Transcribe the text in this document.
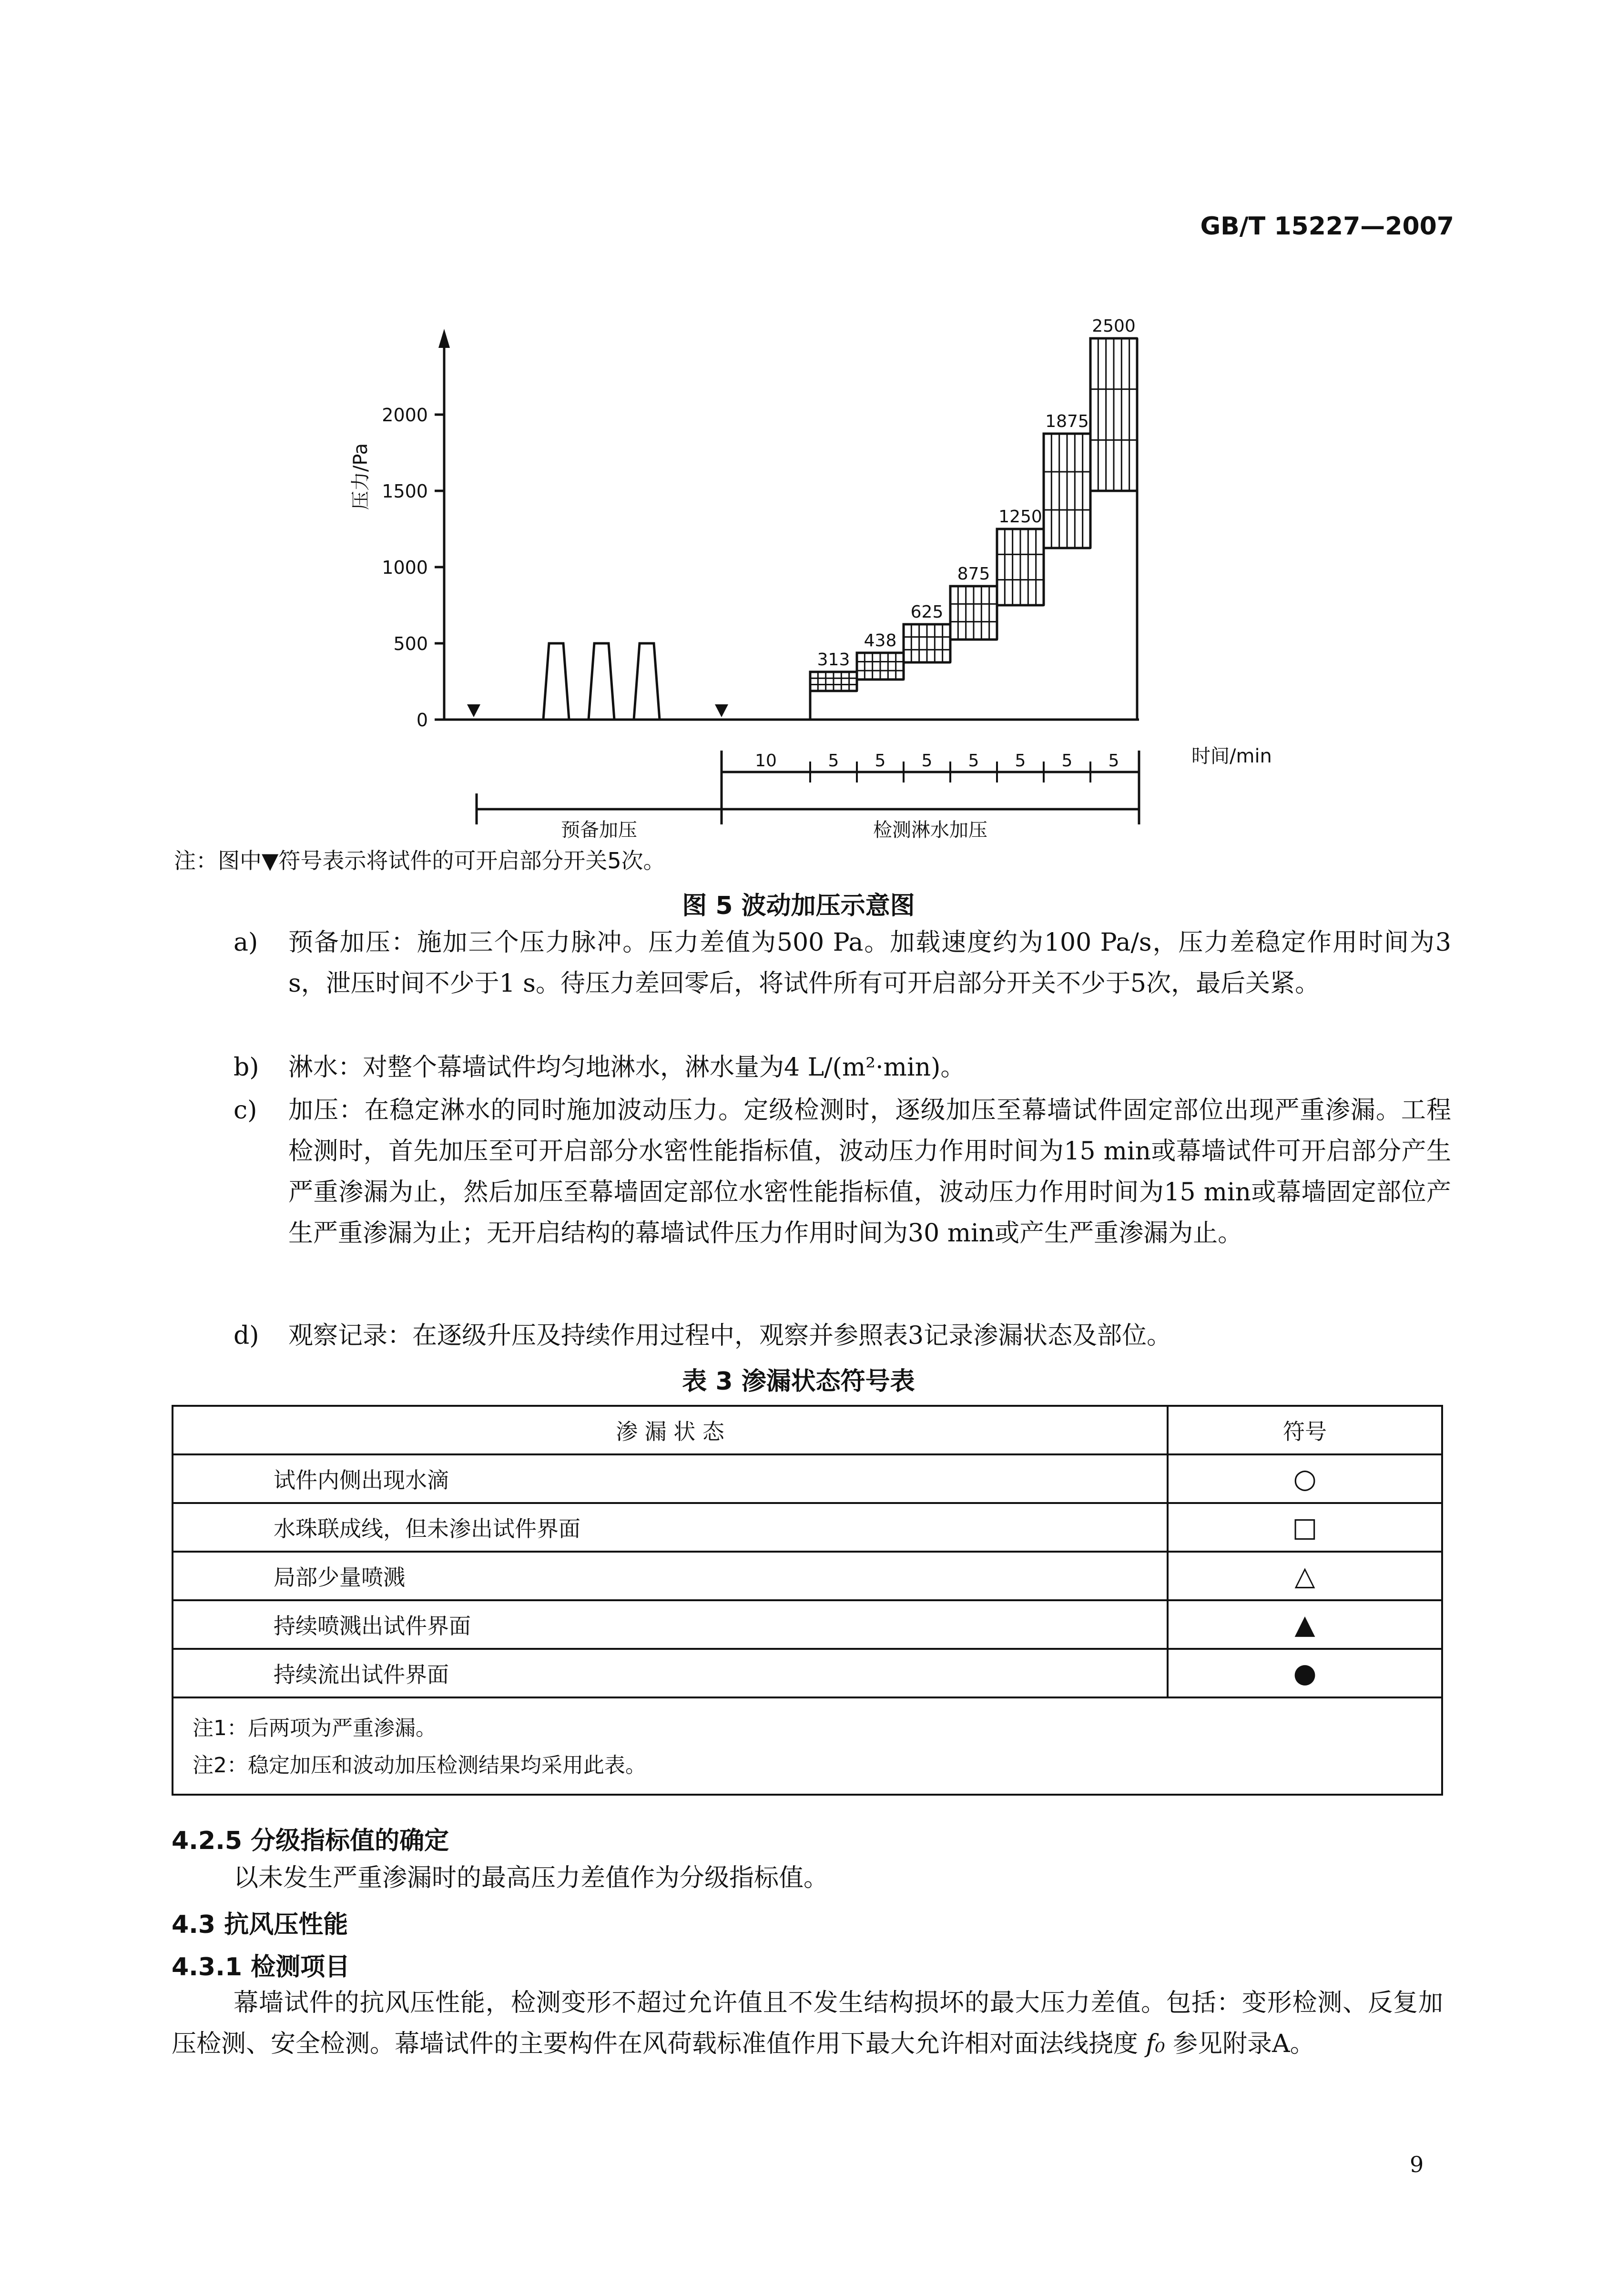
GB/T 15227—2007
0
500
1000
1500
2000
压力/Pa
313
438
625
875
1250
1875
2500
10	5 5 5 5 5 5 5	时间/min
预备加压	检测淋水加压
注：图中▼符号表示将试件的可开启部分开关5次。
图 5 波动加压示意图
a) 预备加压：施加三个压力脉冲。压力差值为500 Pa。加载速度约为100 Pa/s，压力差稳定作用时间为3 s，泄压时间不少于1 s。待压力差回零后，将试件所有可开启部分开关不少于5次，最后关紧。
b) 淋水：对整个幕墙试件均匀地淋水，淋水量为4 L/(m²·min)。
c) 加压：在稳定淋水的同时施加波动压力。定级检测时，逐级加压至幕墙试件固定部位出现严重渗漏。工程检测时，首先加压至可开启部分水密性能指标值，波动压力作用时间为15 min或幕墙试件可开启部分产生严重渗漏为止，然后加压至幕墙固定部位水密性能指标值，波动压力作用时间为15 min或幕墙固定部位产生严重渗漏为止；无开启结构的幕墙试件压力作用时间为30 min或产生严重渗漏为止。
d) 观察记录：在逐级升压及持续作用过程中，观察并参照表3记录渗漏状态及部位。
表 3 渗漏状态符号表
渗 漏 状 态	符号
试件内侧出现水滴	○
水珠联成线，但未渗出试件界面	□
局部少量喷溅	△
持续喷溅出试件界面	▲
持续流出试件界面	●

注1：后两项为严重渗漏。
注2：稳定加压和波动加压检测结果均采用此表。	
4.2.5 分级指标值的确定
以未发生严重渗漏时的最高压力差值作为分级指标值。
4.3 抗风压性能
4.3.1 检测项目
幕墙试件的抗风压性能，检测变形不超过允许值且不发生结构损坏的最大压力差值。包括：变形检测、反复加压检测、安全检测。幕墙试件的主要构件在风荷载标准值作用下最大允许相对面法线挠度 f₀ 参见附录A。
9
